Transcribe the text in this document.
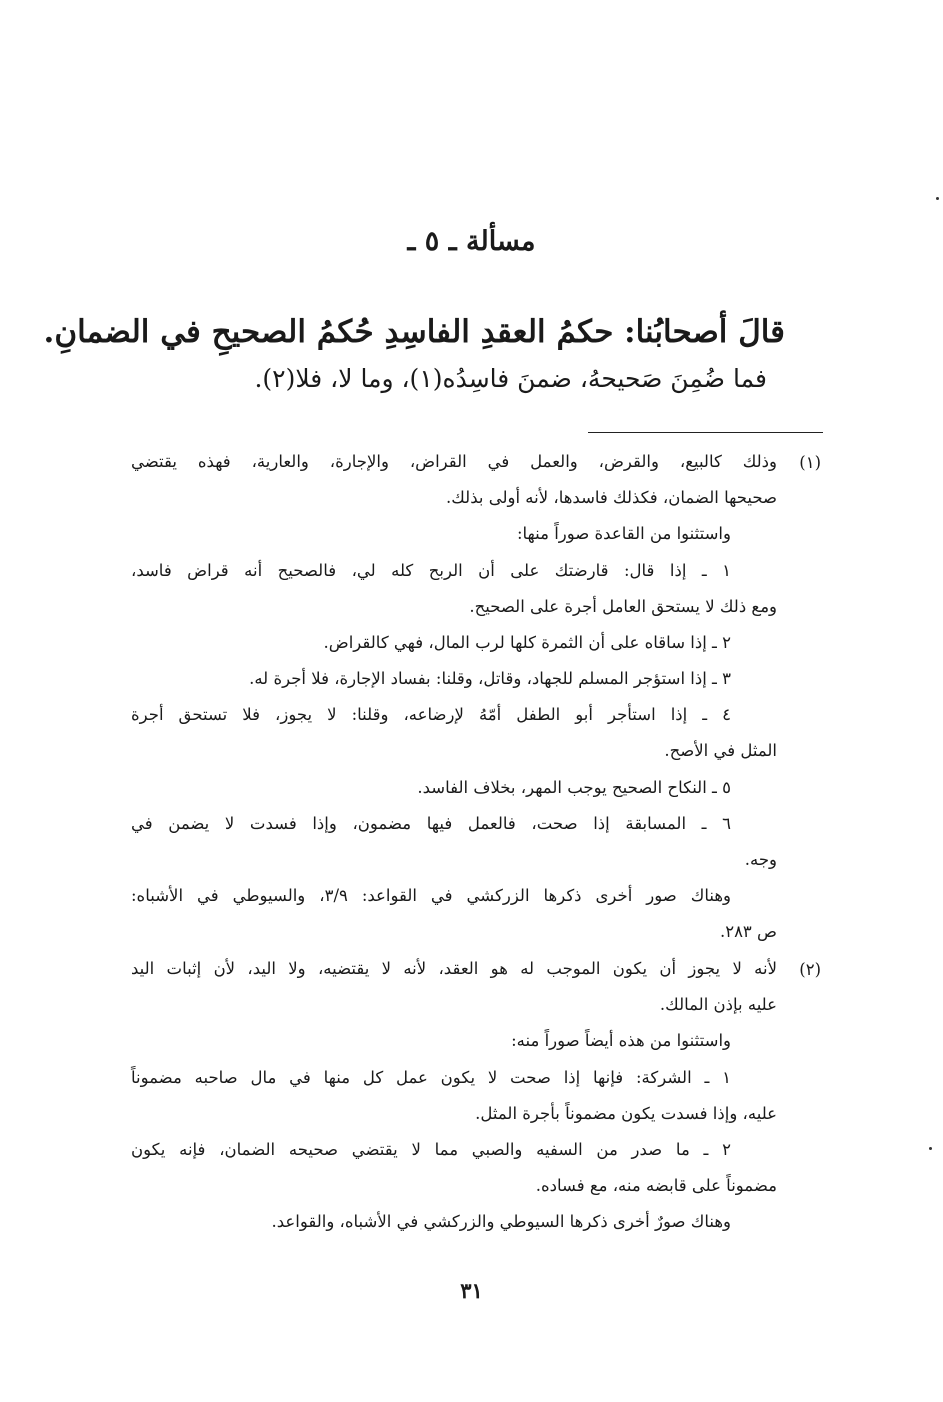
مسألة ـ ٥ ـ
قالَ أصحابُنا: حكمُ العقدِ الفاسِدِ حُكمُ الصحيحِ في الضمانِ.
فما ضُمِنَ صَحيحهُ، ضمنَ فاسِدُه(١)، وما لا، فلا(٢).
(١)
وذلك كالبيع، والقرض، والعمل في القراض، والإجارة، والعارية، فهذه يقتضي
صحيحها الضمان، فكذلك فاسدها، لأنه أولى بذلك.
واستثنوا من القاعدة صوراً منها:
١ ـ إذا قال: قارضتك على أن الربح كله لي، فالصحيح أنه قراض فاسد،
ومع ذلك لا يستحق العامل أجرة على الصحيح.
٢ ـ إذا ساقاه على أن الثمرة كلها لرب المال، فهي كالقراض.
٣ ـ إذا استؤجر المسلم للجهاد، وقاتل، وقلنا: بفساد الإجارة، فلا أجرة له.
٤ ـ إذا استأجر أبو الطفل أمّهُ لإرضاعه، وقلنا: لا يجوز، فلا تستحق أجرة
المثل في الأصح.
٥ ـ النكاح الصحيح يوجب المهر، بخلاف الفاسد.
٦ ـ المسابقة إذا صحت، فالعمل فيها مضمون، وإذا فسدت لا يضمن في
وجه.
وهناك صور أخرى ذكرها الزركشي في القواعد: ٣/٩، والسيوطي في الأشباه:
ص ٢٨٣.
(٢)
لأنه لا يجوز أن يكون الموجب له هو العقد، لأنه لا يقتضيه، ولا اليد، لأن إثبات اليد
عليه بإذن المالك.
واستثنوا من هذه أيضاً صوراً منه:
١ ـ الشركة: فإنها إذا صحت لا يكون عمل كل منها في مال صاحبه مضموناً
عليه، وإذا فسدت يكون مضموناً بأجرة المثل.
٢ ـ ما صدر من السفيه والصبي مما لا يقتضي صحيحه الضمان، فإنه يكون
مضموناً على قابضه منه، مع فساده.
وهناك صورٌ أخرى ذكرها السيوطي والزركشي في الأشباه، والقواعد.
٣١
